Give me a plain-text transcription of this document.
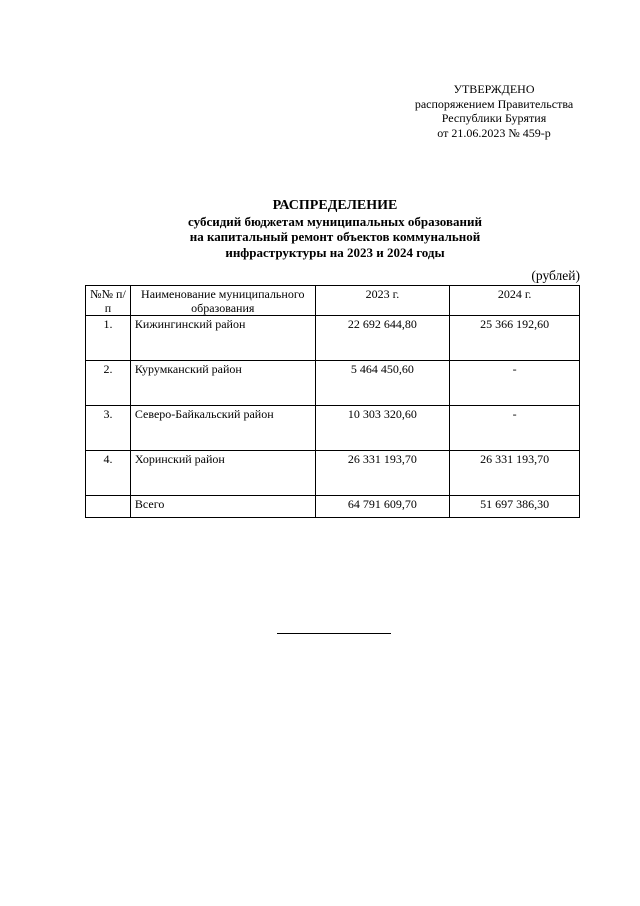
УТВЕРЖДЕНО
распоряжением Правительства
Республики Бурятия
от 21.06.2023 № 459-р
РАСПРЕДЕЛЕНИЕ
субсидий бюджетам муниципальных образований
на капитальный ремонт объектов коммунальной
инфраструктуры на 2023 и 2024 годы
(рублей)
№№ п/п	Наименование муниципального образования	2023 г.	2024 г.
1.	Кижингинский район	22 692 644,80	25 366 192,60
2.	Курумканский район	5 464 450,60	-
3.	Северо-Байкальский район	10 303 320,60	-
4.	Хоринский район	26 331 193,70	26 331 193,70
	Всего	64 791 609,70	51 697 386,30
